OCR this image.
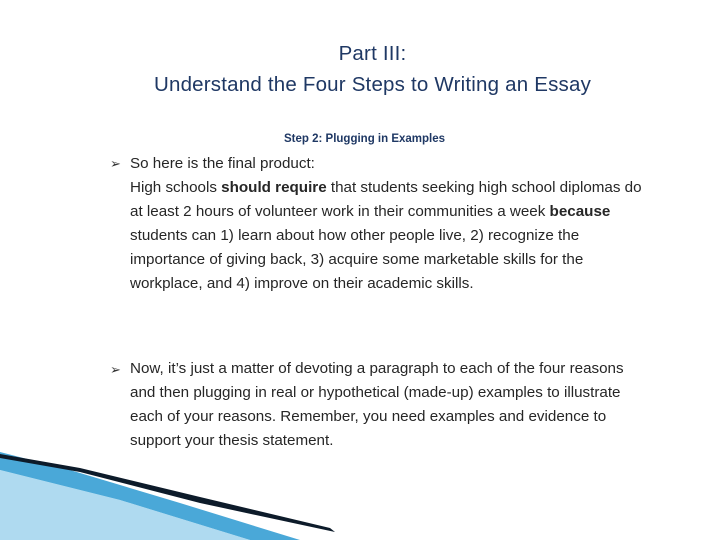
Part III:
Understand the Four Steps to Writing an Essay
Step 2: Plugging in Examples
➢ So here is the final product:
High schools should require that students seeking high school diplomas do at least 2 hours of volunteer work in their communities a week because students can 1) learn about how other people live, 2) recognize the importance of giving back, 3) acquire some marketable skills for the workplace, and 4) improve on their academic skills.
➢ Now, it’s just a matter of devoting a paragraph to each of the four reasons and then plugging in real or hypothetical (made-up) examples to illustrate each of your reasons. Remember, you need examples and evidence to support your thesis statement.
